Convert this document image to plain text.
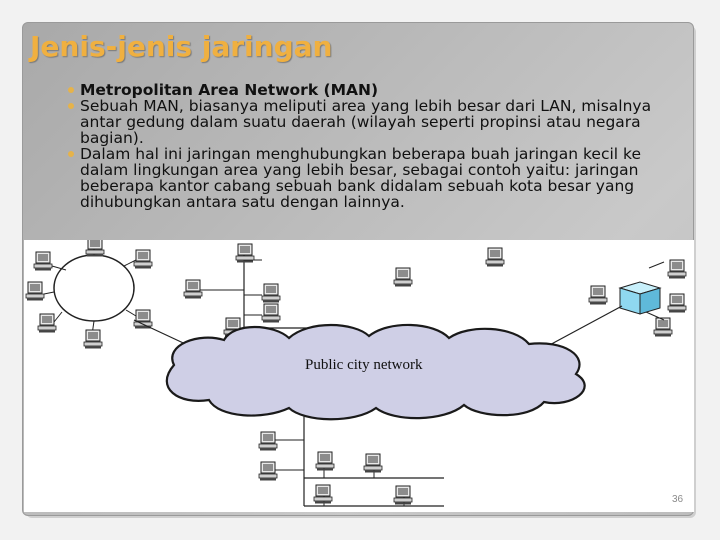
Jenis-jenis jaringan
Metropolitan Area Network (MAN)
Sebuah MAN, biasanya meliputi area yang lebih besar dari LAN, misalnya antar gedung dalam suatu daerah (wilayah seperti propinsi atau negara bagian).
Dalam hal ini jaringan menghubungkan beberapa buah jaringan kecil ke dalam lingkungan area yang lebih besar, sebagai contoh yaitu: jaringan beberapa kantor cabang sebuah bank didalam sebuah kota besar yang dihubungkan antara satu dengan lainnya.
Public city network
36
